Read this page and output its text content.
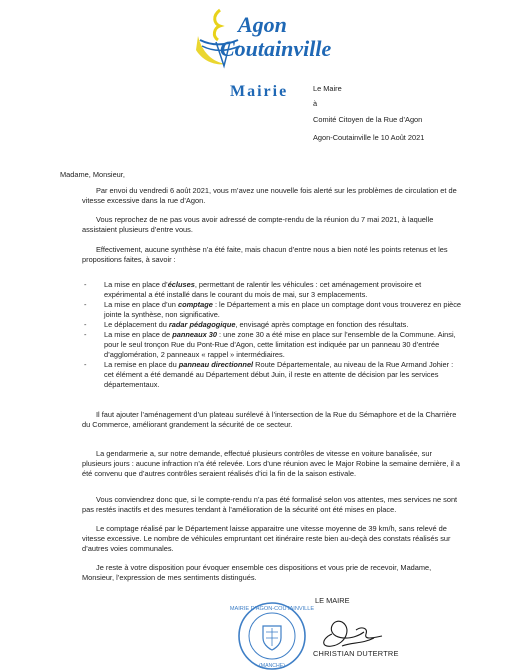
Agon
Coutainville
Mairie	Le Maire
à
Comité Citoyen de la Rue d’Agon
Agon-Coutainville le 10 Août 2021
Madame, Monsieur,
Par envoi du vendredi 6 août 2021, vous m’avez une nouvelle fois alerté sur les problèmes de circulation et de vitesse excessive dans la rue d’Agon.
Vous reprochez de ne pas vous avoir adressé de compte-rendu de la réunion du 7 mai 2021, à laquelle assistaient plusieurs d’entre vous.
Effectivement, aucune synthèse n’a été faite, mais chacun d’entre nous a bien noté les points retenus et les propositions faites, à savoir :
- La mise en place d’écluses, permettant de ralentir les véhicules : cet aménagement provisoire et expérimental a été installé dans le courant du mois de mai, sur 3 emplacements.
- La mise en place d’un comptage : le Département a mis en place un comptage dont vous trouverez en pièce jointe la synthèse, non significative.
- Le déplacement du radar pédagogique, envisagé après comptage en fonction des résultats.
- La mise en place de panneaux 30 : une zone 30 a été mise en place sur l’ensemble de la Commune. Ainsi, pour le seul tronçon Rue du Pont-Rue d’Agon, cette limitation est indiquée par un panneau 30 d’entrée d’agglomération, 2 panneaux « rappel » intermédiaires.
- La remise en place du panneau directionnel Route Départementale, au niveau de la Rue Armand Johier : cet élément a été demandé au Département début Juin, il reste en attente de décision par les services départementaux.
Il faut ajouter l’aménagement d’un plateau surélevé à l’intersection de la Rue du Sémaphore et de la Charrière du Commerce, améliorant grandement la sécurité de ce secteur.
La gendarmerie a, sur notre demande, effectué plusieurs contrôles de vitesse en voiture banalisée, sur plusieurs jours : aucune infraction n’a été relevée. Lors d’une réunion avec le Major Robine la semaine dernière, il a été convenu que d’autres contrôles seraient réalisés d’ici la fin de la saison estivale.
Vous conviendrez donc que, si le compte-rendu n’a pas été formalisé selon vos attentes, mes services ne sont pas restés inactifs et des mesures tendant à l’amélioration de la sécurité ont été mises en place.
Le comptage réalisé par le Département laisse apparaitre une vitesse moyenne de 39 km/h, sans relevé de vitesse excessive. Le nombre de véhicules empruntant cet itinéraire reste bien au-deçà des constats réalisés sur d’autres voies communales.
Je reste à votre disposition pour évoquer ensemble ces dispositions et vous prie de recevoir, Madame, Monsieur, l’expression de mes sentiments distingués.
MAIRIE D'AGON-COUTAINVILLE
(MANCHE)
LE MAIRE
CHRISTIAN DUTERTRE
